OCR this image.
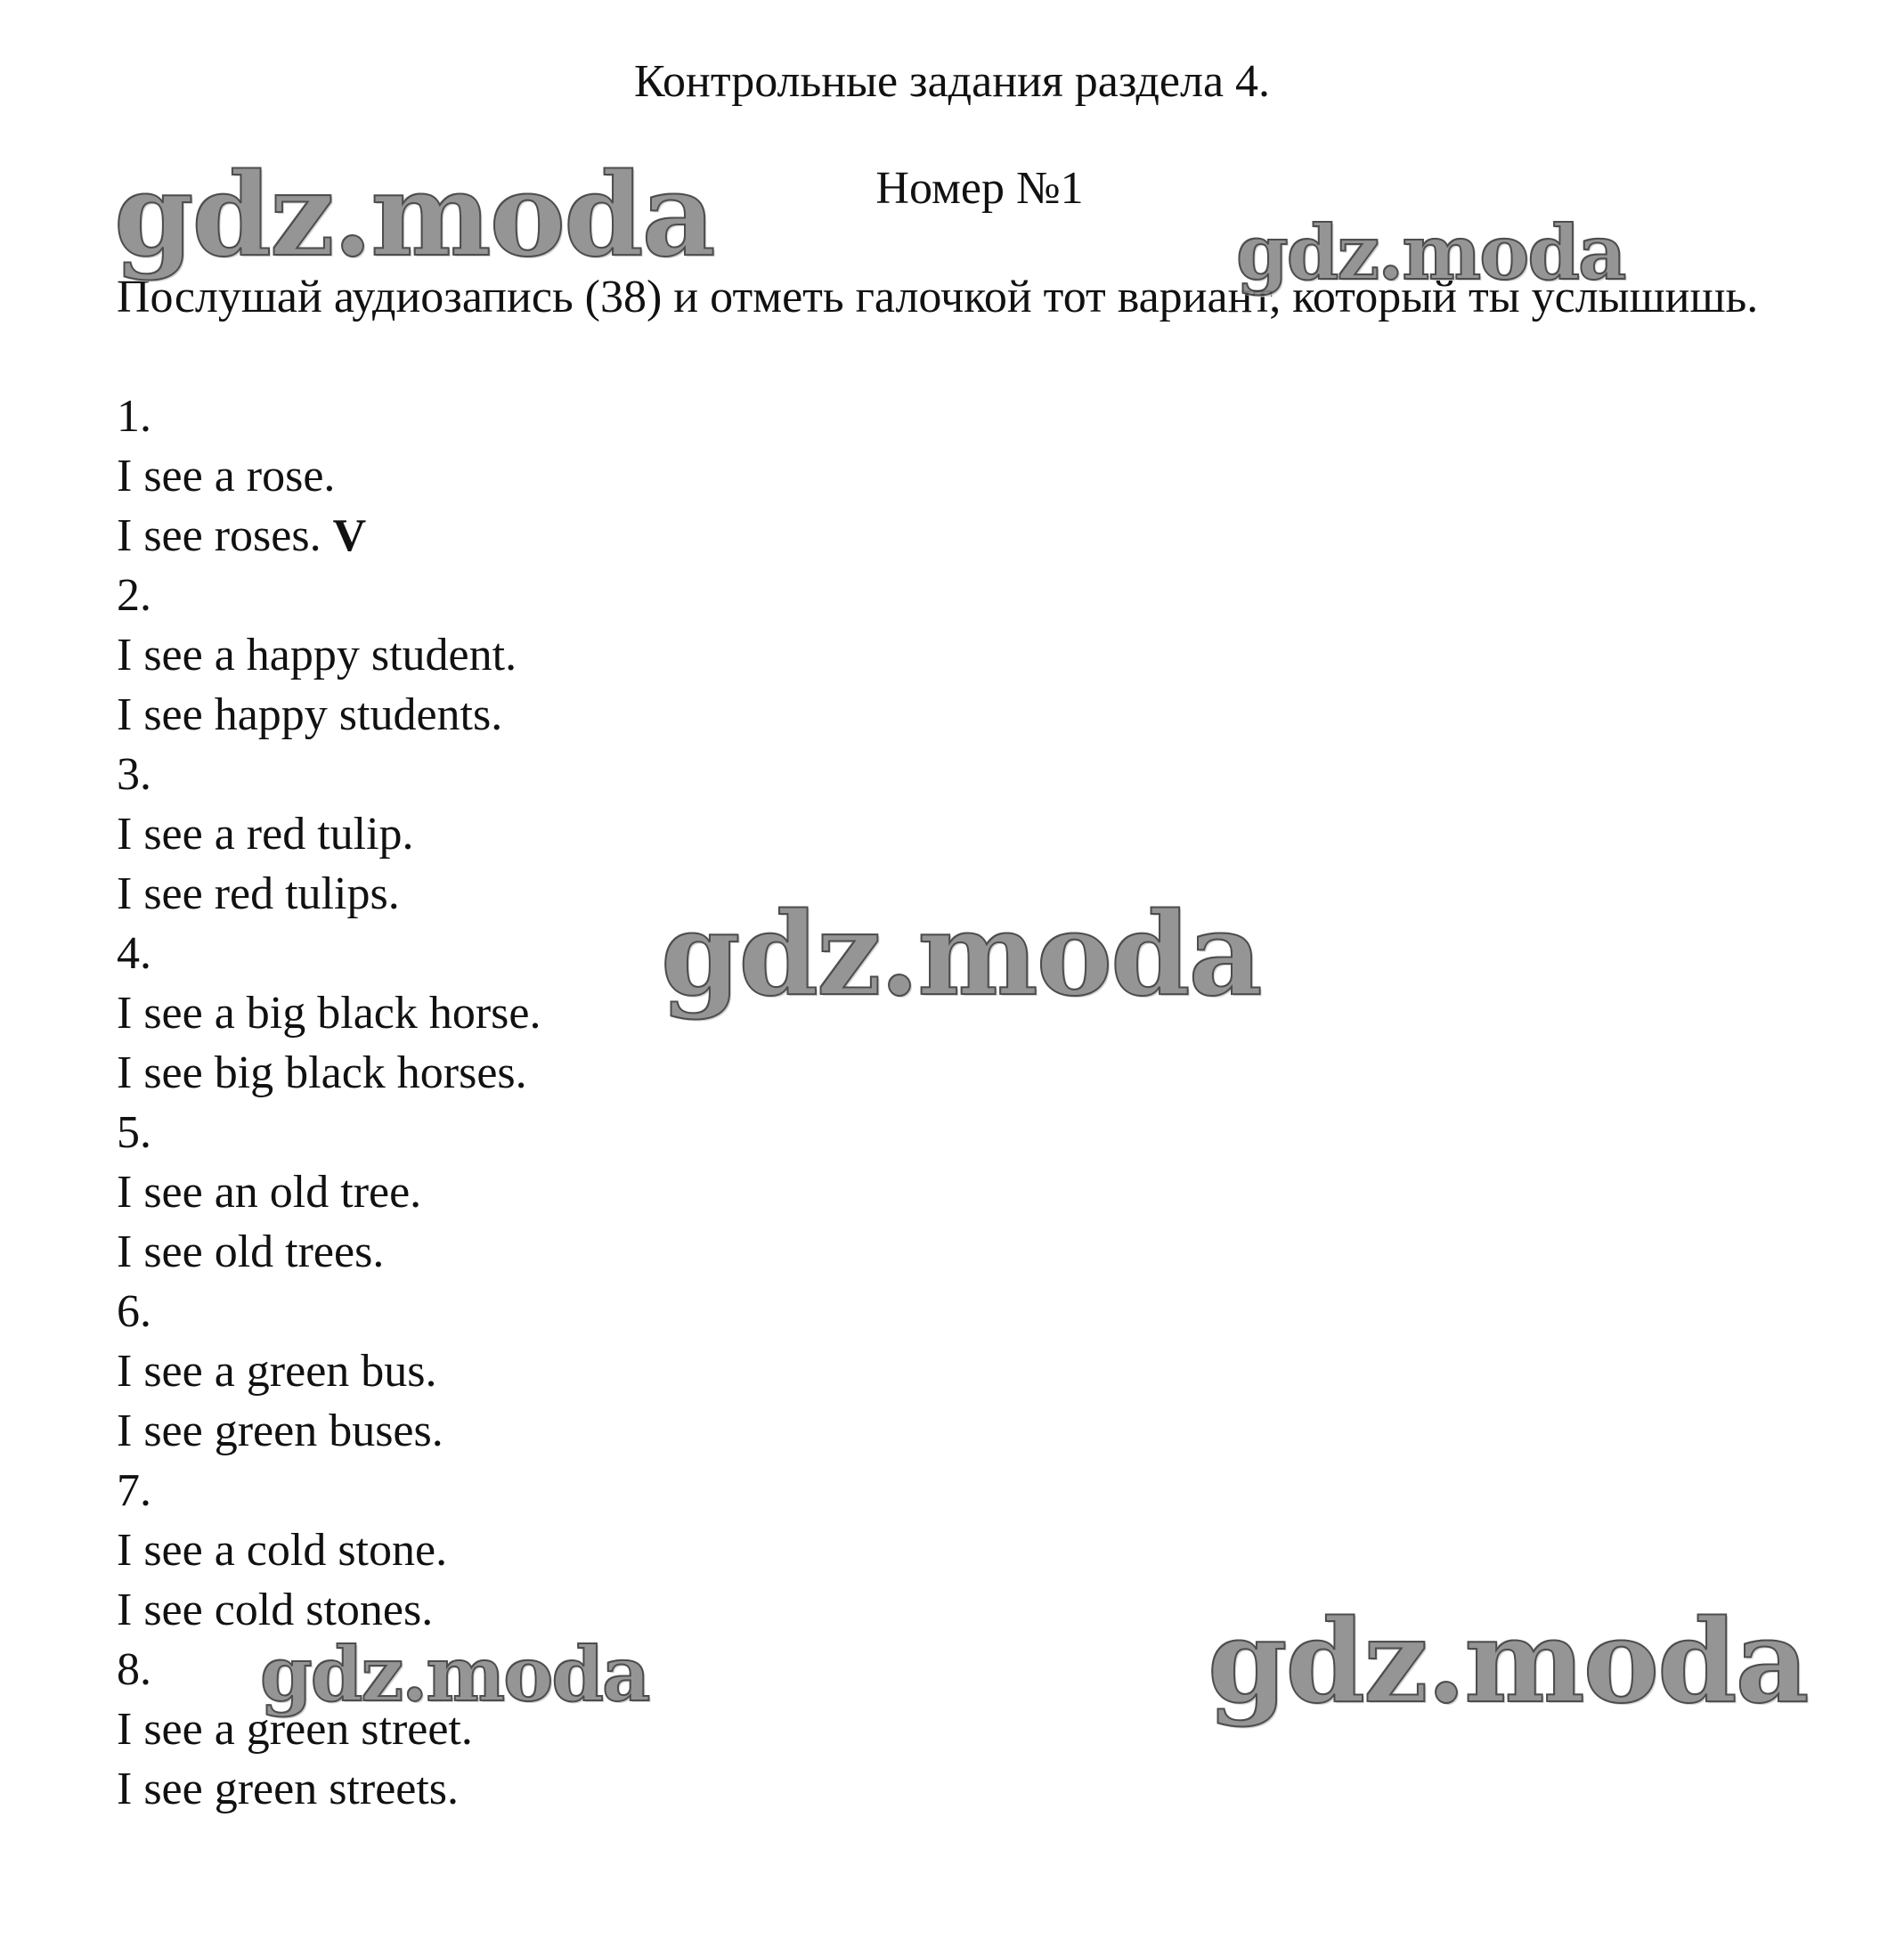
Контрольные задания раздела 4.
Номер №1

Послушай аудиозапись (38) и отметь галочкой тот вариант, который ты услышишь.

1.
I see a rose.
I see roses. V
2.
I see a happy student.
I see happy students.
3.
I see a red tulip.
I see red tulips.
4.
I see a big black horse.
I see big black horses.
5.
I see an old tree.
I see old trees.
6.
I see a green bus.
I see green buses.
7.
I see a cold stone.
I see cold stones.
8.
I see a green street.
I see green streets.
gdz.moda	gdz.moda
gdz.moda
gdz.moda	gdz.moda
